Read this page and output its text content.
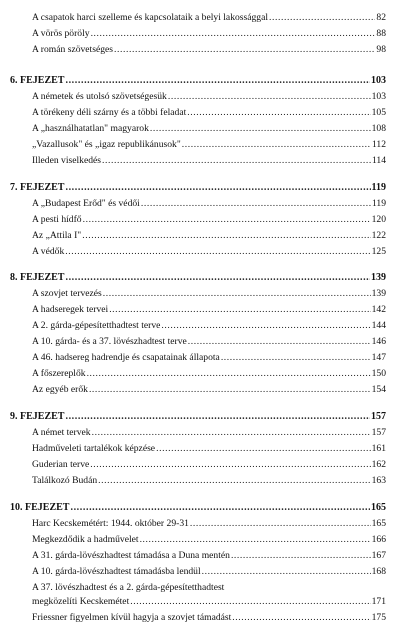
A csapatok harci szelleme és kapcsolataik a belyi lakossággal .....	82
A vörös pöröly .....	88
A román szövetséges .....	98
6. FEJEZET .....	103
A németek és utolsó szövetségesük .....	103
A törékeny déli szárny és a többi feladat .....	105
A „használhatatlan" magyarok .....	108
„Vazallusok" és „igaz republikánusok" .....	112
Illeden viselkedés .....	114
7. FEJEZET .....	119
A „Budapest Erőd" és védői .....	119
A pesti hídfő .....	120
Az „Attila I" .....	122
A védők .....	125
8. FEJEZET .....	139
A szovjet tervezés .....	139
A hadseregek tervei .....	142
A 2. gárda-gépesítetthadtest terve .....	144
A 10. gárda- és a 37. lövészhadtest terve .....	146
A 46. hadsereg hadrendje és csapatainak állapota .....	147
A főszereplők .....	150
Az egyéb erők .....	154
9. FEJEZET .....	157
A német tervek .....	157
Hadműveleti tartalékok képzése .....	161
Guderian terve .....	162
Találkozó Budán .....	163
10. FEJEZET .....	165
Harc Kecskemétért: 1944. október 29-31 .....	165
Megkezdődik a hadművelet .....	166
A 31. gárda-lövészhadtest támadása a Duna mentén .....	167
A 10. gárda-lövészhadtest támadásba lendül .....	168
A 37. lövészhadtest és a 2. gárda-gépesítetthadtest
megközelíti Kecskemétet .....	171
Friessner figyelmen kívül hagyja a szovjet támadást .....	175
